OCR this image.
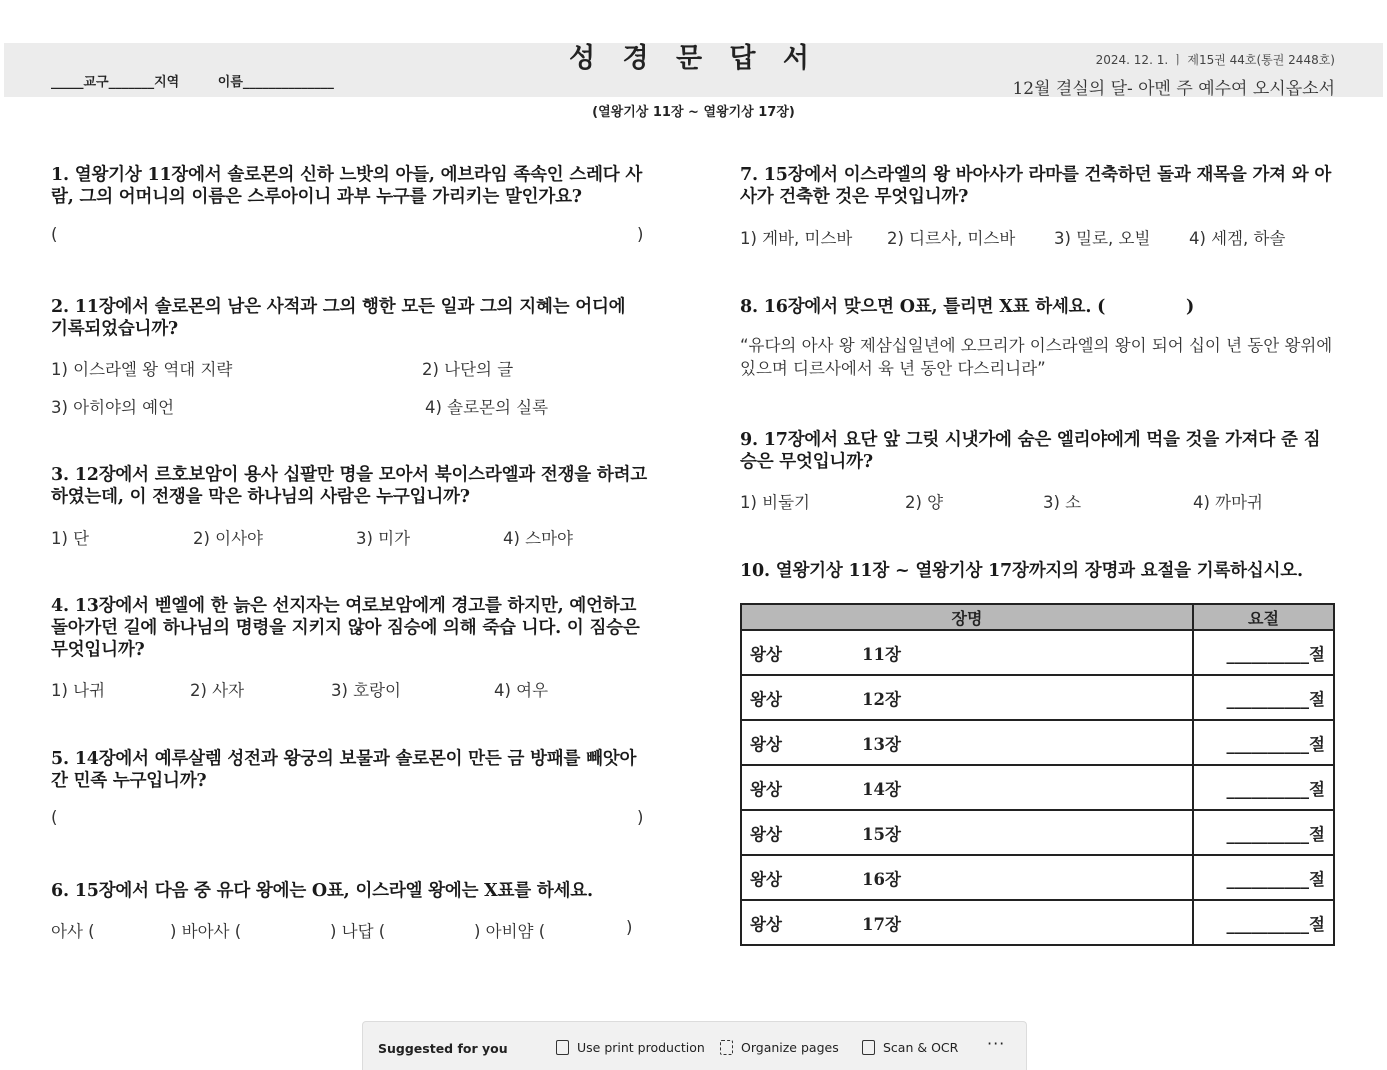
성 경 문 답 서
_____교구_______지역	이름______________
2024. 12. 1. ㅣ 제15권 44호(통권 2448호)
12월 결실의 달- 아멘 주 예수여 오시옵소서
(열왕기상 11장 ~ 열왕기상 17장)
1. 열왕기상 11장에서 솔로몬의 신하 느밧의 아들, 에브라임 족속인 스레다 사람, 그의 어머니의 이름은 스루아이니 과부 누구를 가리키는 말인가요?
(	)
2. 11장에서 솔로몬의 남은 사적과 그의 행한 모든 일과 그의 지혜는 어디에 기록되었습니까?
1) 이스라엘 왕 역대 지략	2) 나단의 글
3) 아히야의 예언	4) 솔로몬의 실록
3. 12장에서 르호보암이 용사 십팔만 명을 모아서 북이스라엘과 전쟁을 하려고 하였는데, 이 전쟁을 막은 하나님의 사람은 누구입니까?
1) 단	2) 이사야	3) 미가	4) 스마야
4. 13장에서 벧엘에 한 늙은 선지자는 여로보암에게 경고를 하지만, 예언하고 돌아가던 길에 하나님의 명령을 지키지 않아 짐승에 의해 죽습 니다. 이 짐승은 무엇입니까?
1) 나귀	2) 사자	3) 호랑이	4) 여우
5. 14장에서 예루살렘 성전과 왕궁의 보물과 솔로몬이 만든 금 방패를 빼앗아 간 민족 누구입니까?
(	)
6. 15장에서 다음 중 유다 왕에는 O표, 이스라엘 왕에는 X표를 하세요.
아사 (	) 바아사 (	) 나답 (	) 아비얌 (	)
7. 15장에서 이스라엘의 왕 바아사가 라마를 건축하던 돌과 재목을 가져 와 아사가 건축한 것은 무엇입니까?
1) 게바, 미스바 2) 디르사, 미스바 3) 밀로, 오빌 4) 세겜, 하솔
8. 16장에서 맞으면 O표, 틀리면 X표 하세요. (	)
“유다의 아사 왕 제삼십일년에 오므리가 이스라엘의 왕이 되어 십이 년 동안 왕위에 있으며 디르사에서 육 년 동안 다스리니라”
9. 17장에서 요단 앞 그릿 시냇가에 숨은 엘리야에게 먹을 것을 가져다 준 짐승은 무엇입니까?
1) 비둘기	2) 양	3) 소	4) 까마귀
10. 열왕기상 11장 ~ 열왕기상 17장까지의 장명과 요절을 기록하십시오.
장명	요절
왕상 11장	__________절
왕상 12장	__________절
왕상 13장	__________절
왕상 14장	__________절
왕상 15장	__________절
왕상 16장	__________절
왕상 17장	__________절
Suggested for you	Use print production	Organize pages	Scan & OCR ···
